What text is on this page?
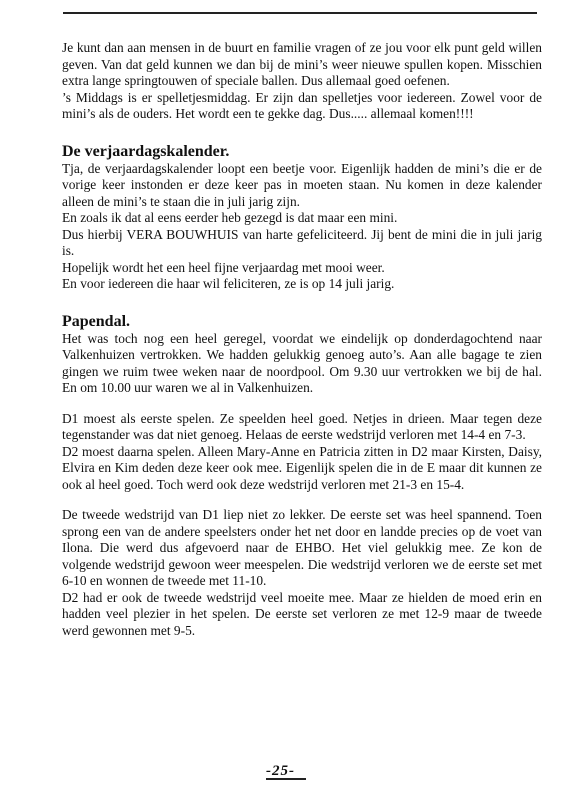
Je kunt dan aan mensen in de buurt en familie vragen of ze jou voor elk punt geld willen geven. Van dat geld kunnen we dan bij de mini’s weer nieuwe spullen kopen. Misschien extra lange springtouwen of speciale ballen. Dus allemaal goed oefenen.

’s Middags is er spelletjesmiddag. Er zijn dan spelletjes voor iedereen. Zowel voor de mini’s als de ouders. Het wordt een te gekke dag. Dus..... allemaal komen!!!!

De verjaardagskalender.

Tja, de verjaardagskalender loopt een beetje voor. Eigenlijk hadden de mini’s die er de vorige keer instonden er deze keer pas in moeten staan. Nu komen in deze kalender alleen de mini’s te staan die in juli jarig zijn.

En zoals ik dat al eens eerder heb gezegd is dat maar een mini.

Dus hierbij VERA BOUWHUIS van harte gefeliciteerd. Jij bent de mini die in juli jarig is.

Hopelijk wordt het een heel fijne verjaardag met mooi weer.

En voor iedereen die haar wil feliciteren, ze is op 14 juli jarig.

Papendal.

Het was toch nog een heel geregel, voordat we eindelijk op donderdagochtend naar Valkenhuizen vertrokken. We hadden gelukkig genoeg auto’s. Aan alle bagage te zien gingen we ruim twee weken naar de noordpool. Om 9.30 uur vertrokken we bij de hal. En om 10.00 uur waren we al in Valkenhuizen.

D1 moest als eerste spelen. Ze speelden heel goed. Netjes in drieen. Maar tegen deze tegenstander was dat niet genoeg. Helaas de eerste wedstrijd verloren met 14-4 en 7-3.

D2 moest daarna spelen. Alleen Mary-Anne en Patricia zitten in D2 maar Kirsten, Daisy, Elvira en Kim deden deze keer ook mee. Eigenlijk spelen die in de E maar dit kunnen ze ook al heel goed. Toch werd ook deze wedstrijd verloren met 21-3 en 15-4.

De tweede wedstrijd van D1 liep niet zo lekker. De eerste set was heel spannend. Toen sprong een van de andere speelsters onder het net door en landde precies op de voet van Ilona. Die werd dus afgevoerd naar de EHBO. Het viel gelukkig mee. Ze kon de volgende wedstrijd gewoon weer meespelen. Die wedstrijd verloren we de eerste set met 6-10 en wonnen de tweede met 11-10.

D2 had er ook de tweede wedstrijd veel moeite mee. Maar ze hielden de moed erin en hadden veel plezier in het spelen. De eerste set verloren ze met 12-9 maar de tweede werd gewonnen met 9-5.

-25-
